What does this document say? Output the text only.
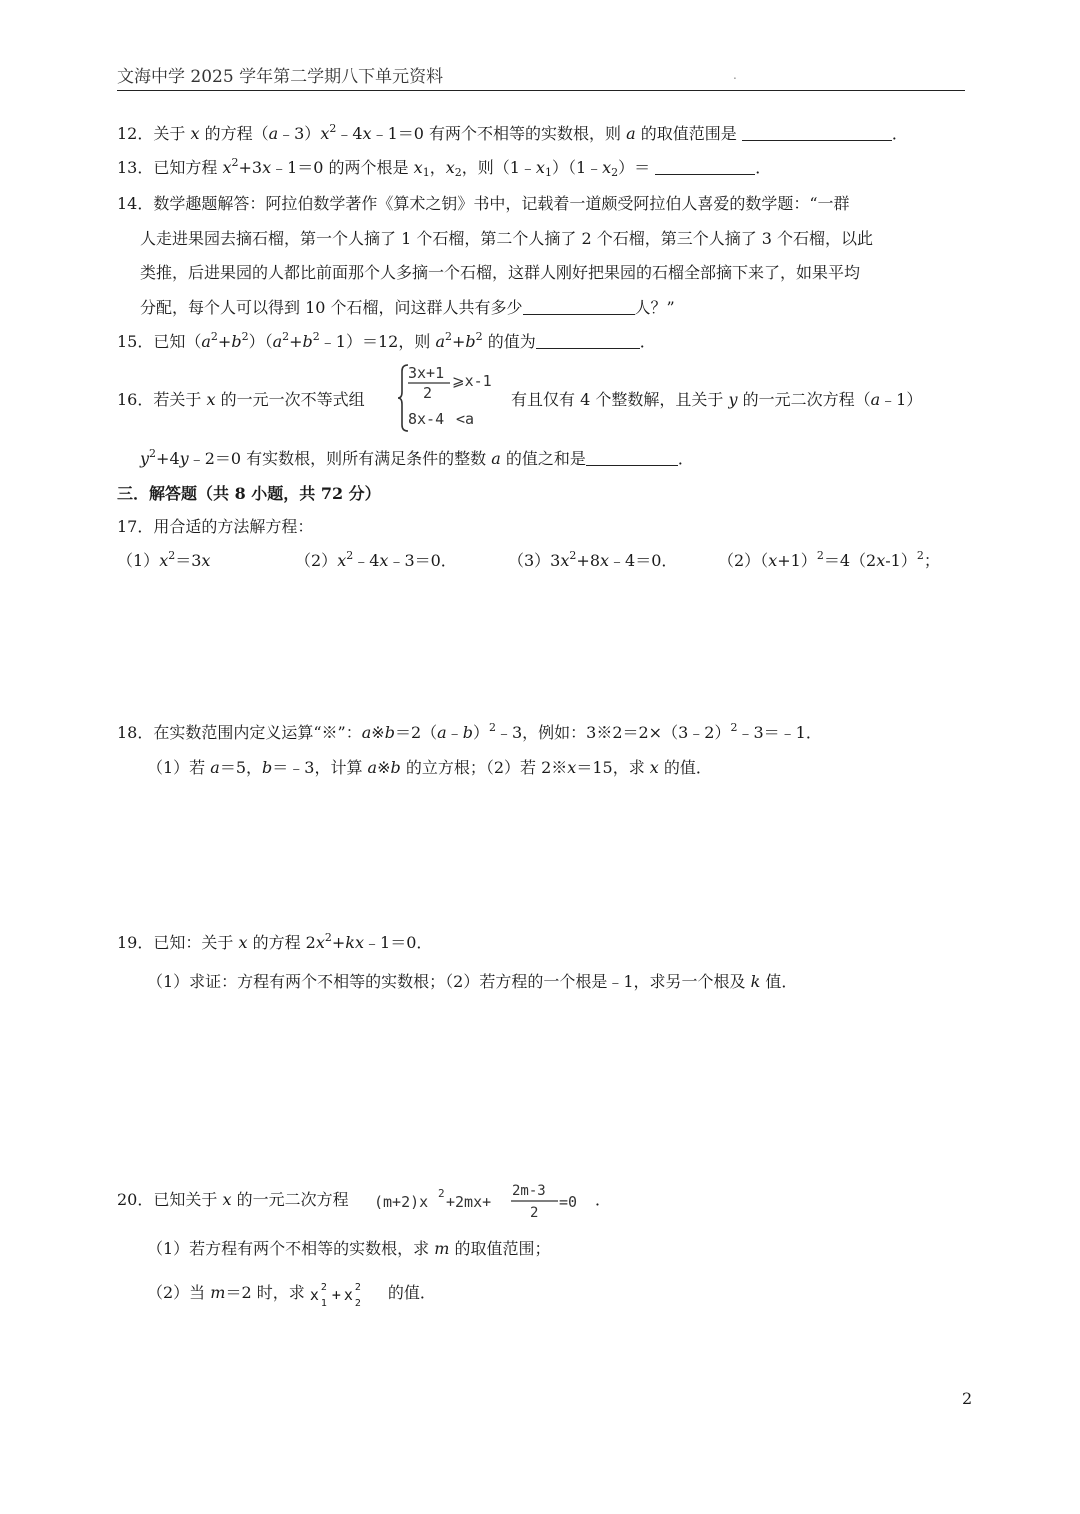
文海中学 2025 学年第二学期八下单元资料	.
12．关于 x 的方程$(a﹣3)x^2﹣4x﹣1=0$ 有两个不相等的实数根，则 a 的取值范围是	．
13．已知方程 $x^2+3x﹣1=0$ 的两个根是 $x_1$，$x_2$，则$(1﹣x_1)(1﹣x_2)=$	．
14．数学趣题解答：阿拉伯数学著作《算术之钥》书中，记载着一道颇受阿拉伯人喜爱的数学题：“一群
人走进果园去摘石榴，第一个人摘了 1 个石榴，第二个人摘了 2 个石榴，第三个人摘了 3 个石榴，以此
类推，后进果园的人都比前面那个人多摘一个石榴，这群人刚好把果园的石榴全部摘下来了，如果平均
分配，每个人可以得到 10 个石榴，问这群人共有多少	人？”
15．已知$(a^2+b^2)(a^2+b^2﹣1)=12$，则 $a^2+b^2$ 的值为	．
16．若关于 x 的一元一次不等式组
3x+1
2
⩾x-1
8x-4 <a
有且仅有 4 个整数解，且关于 y 的一元二次方程（a﹣1）
$y^2+4y﹣2=0$ 有实数根，则所有满足条件的整数 a 的值之和是	．
三．解答题（共 8 小题，共 72 分）
17．用合适的方法解方程：
$(1)x^2=3x$	$(2)x^2﹣4x﹣3=0$．	$(3)3x^2+8x﹣4=0$．	$(2)(x+1)^2=4(2x-1)^2$；
18．在实数范围内定义运算“※”：a※b＝2（a﹣b）$^2$﹣3，例如：3※2＝2×（3﹣2）$^2$﹣3＝﹣1．
（1）若 a＝5，b＝﹣3，计算 a※b 的立方根；（2）若 2※x＝15，求 x 的值．
19．已知：关于 x 的方程 $2x^2+kx﹣1=0$．
（1）求证：方程有两个不相等的实数根；（2）若方程的一个根是﹣1，求另一个根及 k 值．
20．已知关于 x 的一元二次方程	(m+2)x 2 +2mx+
2m-3
2
=0 ．
（1）若方程有两个不相等的实数根，求 m 的取值范围；
（2）当 m＝2 时，求 x 2
1 + x 2
2
的值．
2
